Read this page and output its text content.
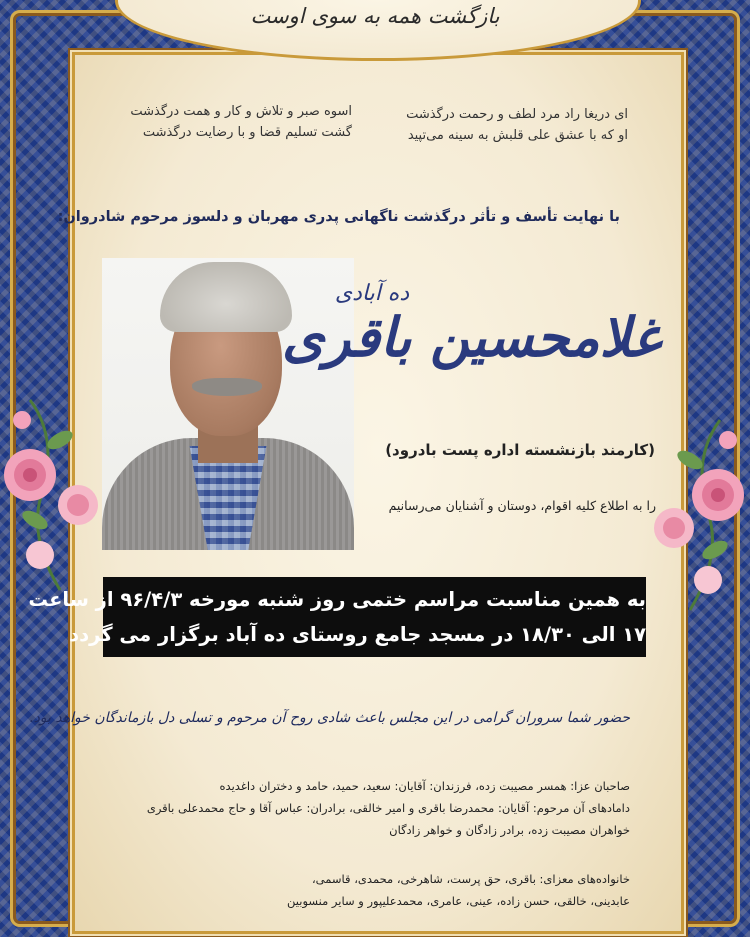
بازگشت همه به سوی اوست
ای دریغا راد مرد لطف و رحمت درگذشت
او که با عشق علی قلبش به سینه می‌تپید
اسوه صبر و تلاش و کار و همت درگذشت
گشت تسلیم قضا و با رضایت درگذشت
با نهایت تأسف و تأثر درگذشت ناگهانی پدری مهربان و دلسوز مرحوم شادروان:
ده آبادی
غلامحسین باقری
(کارمند بازنشسته اداره پست بادرود)
را به اطلاع کلیه اقوام، دوستان و آشنایان می‌رسانیم
به همین مناسبت مراسم ختمی روز شنبه مورخه ۹۶/۴/۳ از ساعت
۱۷ الی ۱۸/۳۰ در مسجد جامع روستای ده آباد برگزار می گردد
حضور شما سروران گرامی در این مجلس باعث شادی روح آن مرحوم و تسلی دل بازماندگان خواهد بود.
صاحبان عزا: همسر مصیبت زده، فرزندان: آقایان: سعید، حمید، حامد و دختران داغدیده
دامادهای آن مرحوم: آقایان: محمدرضا باقری و امیر خالقی، برادران: عباس آقا و حاج محمدعلی باقری
خواهران مصیبت زده، برادر زادگان و خواهر زادگان
خانواده‌های معزای: باقری، حق پرست، شاهرخی، محمدی، قاسمی،
عابدینی، خالقی، حسن زاده، عینی، عامری، محمدعلیپور و سایر منسوبین
